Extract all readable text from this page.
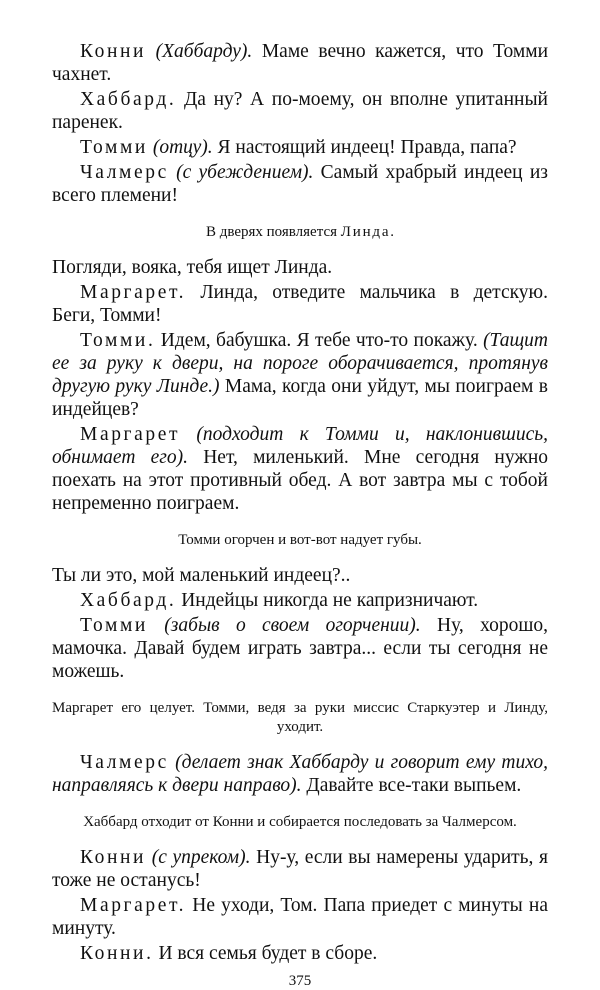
Конни (Хаббарду). Маме вечно кажется, что Томми чахнет.

Хаббард. Да ну? А по-моему, он вполне упитанный паренек.

Томми (отцу). Я настоящий индеец! Правда, папа?

Чалмерс (с убеждением). Самый храбрый индеец из всего племени!

В дверях появляется Линда.

Погляди, вояка, тебя ищет Линда.

Маргарет. Линда, отведите мальчика в детскую. Беги, Томми!

Томми. Идем, бабушка. Я тебе что-то покажу. (Тащит ее за руку к двери, на пороге оборачивается, протянув другую руку Линде.) Мама, когда они уйдут, мы поиграем в индейцев?

Маргарет (подходит к Томми и, наклонившись, обнимает его). Нет, миленький. Мне сегодня нужно поехать на этот противный обед. А вот завтра мы с тобой непременно поиграем.

Томми огорчен и вот-вот надует губы.

Ты ли это, мой маленький индеец?..

Хаббард. Индейцы никогда не капризничают.

Томми (забыв о своем огорчении). Ну, хорошо, мамочка. Давай будем играть завтра... если ты сегодня не можешь.

Маргарет его целует. Томми, ведя за руки миссис Старкуэтер и Линду, уходит.

Чалмерс (делает знак Хаббарду и говорит ему тихо, направляясь к двери направо). Давайте все-таки выпьем.

Хаббард отходит от Конни и собирается последовать за Чалмерсом.

Конни (с упреком). Ну-у, если вы намерены ударить, я тоже не останусь!

Маргарет. Не уходи, Том. Папа приедет с минуты на минуту.

Конни. И вся семья будет в сборе.

375
